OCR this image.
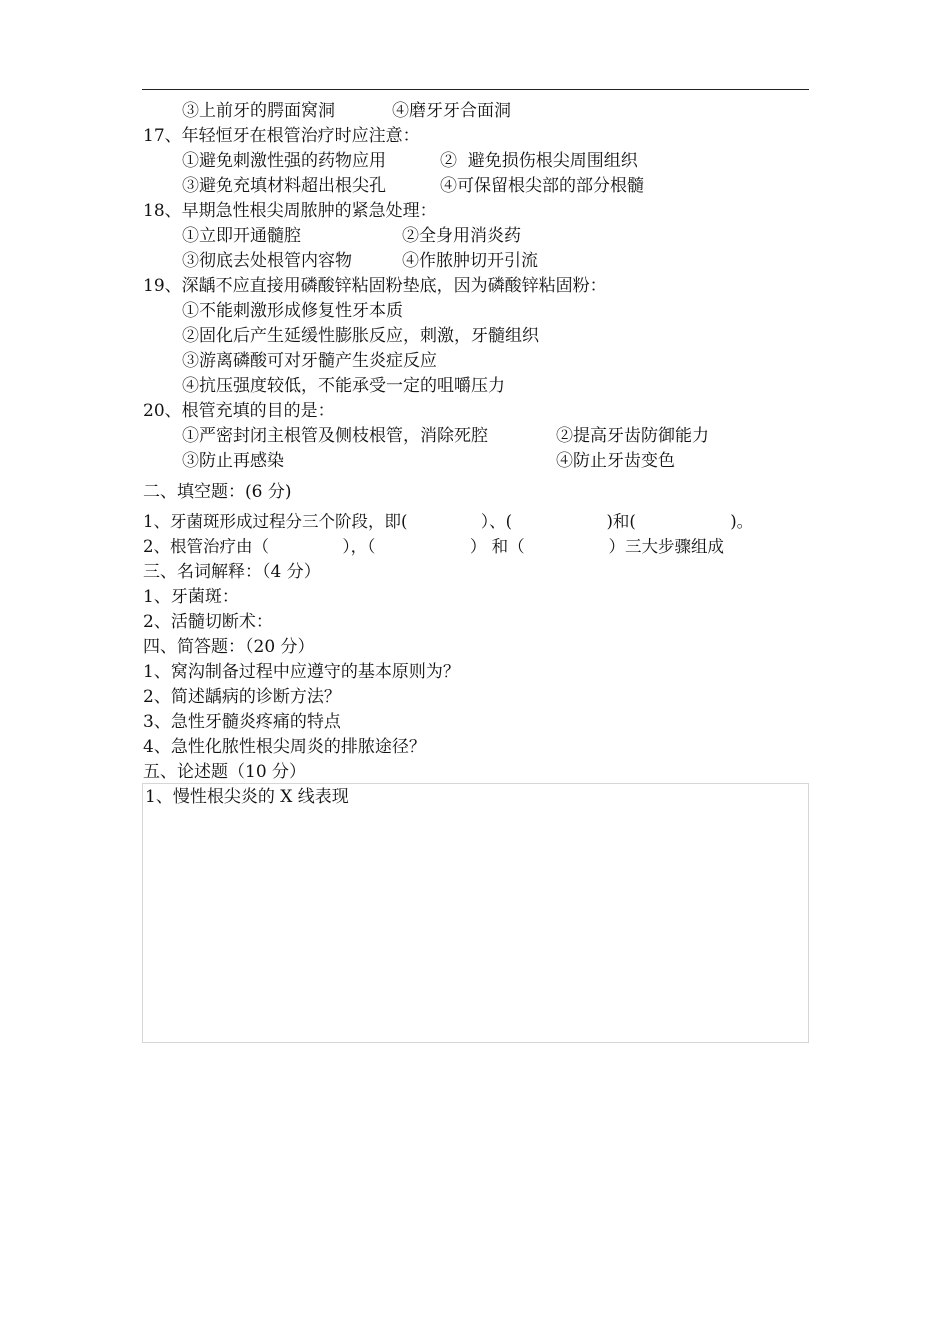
③上前牙的腭面窝洞	④磨牙牙合面洞
17、年轻恒牙在根管治疗时应注意：
①避免刺激性强的药物应用	②  避免损伤根尖周围组织
③避免充填材料超出根尖孔	④可保留根尖部的部分根髓
18、早期急性根尖周脓肿的紧急处理：
①立即开通髓腔	②全身用消炎药
③彻底去处根管内容物	④作脓肿切开引流
19、深龋不应直接用磷酸锌粘固粉垫底，因为磷酸锌粘固粉：
①不能刺激形成修复性牙本质
②固化后产生延缓性膨胀反应，刺激，牙髓组织
③游离磷酸可对牙髓产生炎症反应
④抗压强度较低，不能承受一定的咀嚼压力
20、根管充填的目的是：
①严密封闭主根管及侧枝根管，消除死腔	②提高牙齿防御能力
③防止再感染	④防止牙齿变色
二、填空题：(6 分)
1、牙菌斑形成过程分三个阶段，即(              ）、(                  )和(                  )。
2、根管治疗由（              ），（                  ） 和（                ）三大步骤组成
三、名词解释：（4 分）
1、牙菌斑：
2、活髓切断术：
四、简答题：（20 分）
1、窝沟制备过程中应遵守的基本原则为？
2、简述龋病的诊断方法？
3、急性牙髓炎疼痛的特点
4、急性化脓性根尖周炎的排脓途径？
五、论述题（10 分）
1、慢性根尖炎的 X 线表现
